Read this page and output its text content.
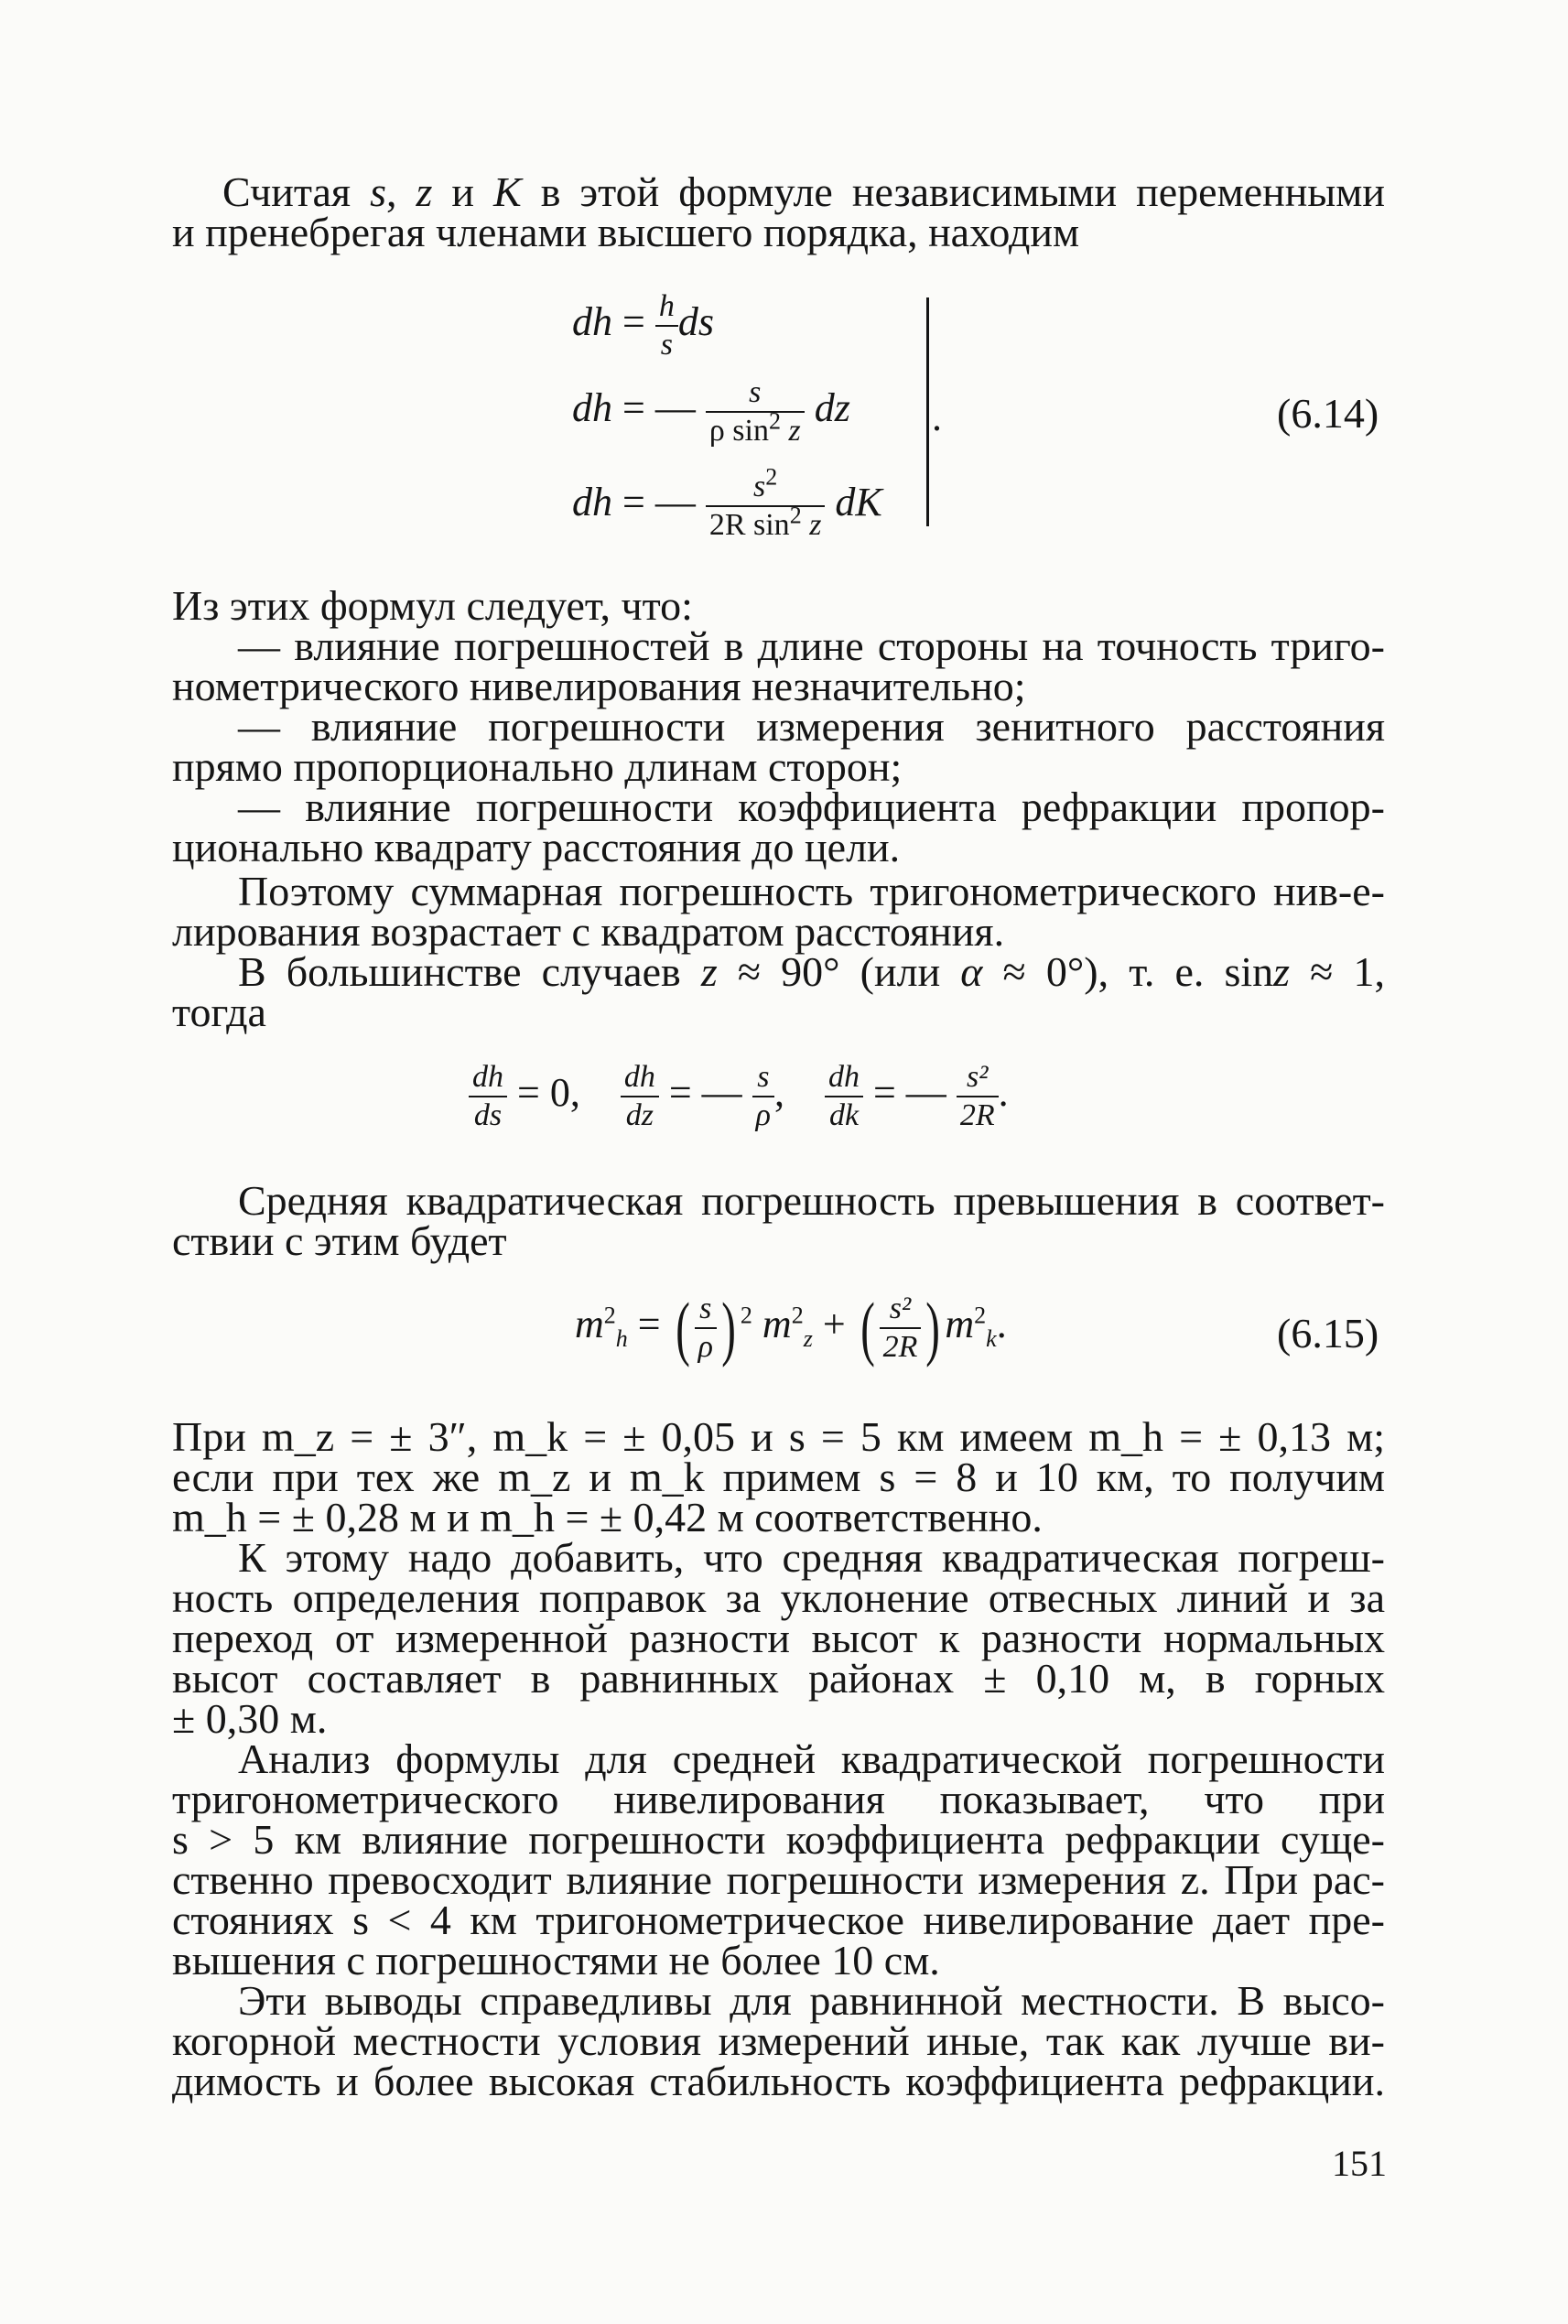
Считая s, z и K в этой формуле независимыми переменными
и пренебрегая членами высшего порядка, находим
dh = $\frac{h}{s}$ ds
dh = — $\frac{s}{\rho \sin^2 z}$ dz
dh = — $\frac{s^2}{2R \sin^2 z}$ dK
.	(6.14)
Из этих формул следует, что:
— влияние погрешностей в длине стороны на точность триго-
нометрического нивелирования незначительно;
— влияние погрешности измерения зенитного расстояния
прямо пропорционально длинам сторон;
— влияние погрешности коэффициента рефракции пропор-
ционально квадрату расстояния до цели.
Поэтому суммарная погрешность тригонометрического нив-е-
лирования возрастает с квадратом расстояния.
В большинстве случаев z ≈ 90° (или α ≈ 0°), т. е. sinz ≈ 1,
тогда
$\frac{dh}{ds} = 0$, $\frac{dh}{dz}$ = — $\frac{s}{\rho}$ , $\frac{dh}{dk}$ = — $\frac{\text{s²}}{2R}$ .
Средняя квадратическая погрешность превышения в соответ-
ствии с этим будет
$m^2_h$ = ( $\frac{s}{\rho}$ ) $^2$ $m^2_z$ + ( $\frac{\text{s²}}{2R}$ ) $m^2_k$.	(6.15)
При m_z = ± 3″, m_k = ± 0,05 и s = 5 км имеем m_h = ± 0,13 м;
если при тех же m_z и m_k примем s = 8 и 10 км, то получим
m_h = ± 0,28 м и m_h = ± 0,42 м соответственно.
К этому надо добавить, что средняя квадратическая погреш-
ность определения поправок за уклонение отвесных линий и за
переход от измеренной разности высот к разности нормальных
высот составляет в равнинных районах ± 0,10 м, в горных
± 0,30 м.
Анализ формулы для средней квадратической погрешности
тригонометрического нивелирования показывает, что при
s > 5 км влияние погрешности коэффициента рефракции суще-
ственно превосходит влияние погрешности измерения z. При рас-
стояниях s < 4 км тригонометрическое нивелирование дает пре-
вышения с погрешностями не более 10 см.
Эти выводы справедливы для равнинной местности. В высо-
когорной местности условия измерений иные, так как лучше ви-
димость и более высокая стабильность коэффициента рефракции.
151
